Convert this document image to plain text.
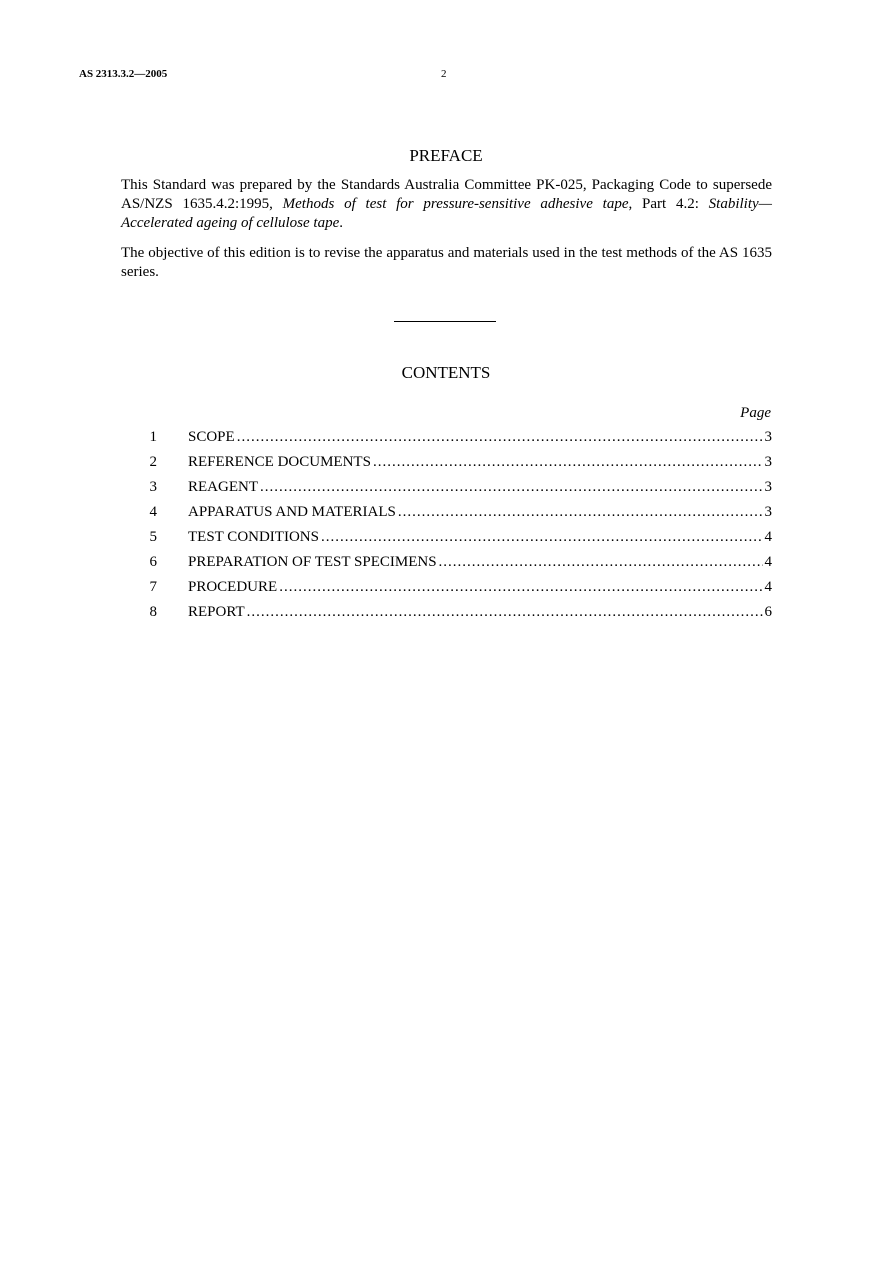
AS 2313.3.2—2005	2
PREFACE

This Standard was prepared by the Standards Australia Committee PK-025, Packaging Code to supersede AS/NZS 1635.4.2:1995, Methods of test for pressure-sensitive adhesive tape, Part 4.2: Stability—Accelerated ageing of cellulose tape.

The objective of this edition is to revise the apparatus and materials used in the test methods of the AS 1635 series.

CONTENTS
Page
1 SCOPE .....	3
2 REFERENCE DOCUMENTS .....	3
3 REAGENT .....	3
4 APPARATUS AND MATERIALS .....	3
5 TEST CONDITIONS .....	4
6 PREPARATION OF TEST SPECIMENS .....	4
7 PROCEDURE .....	4
8 REPORT .....	6
